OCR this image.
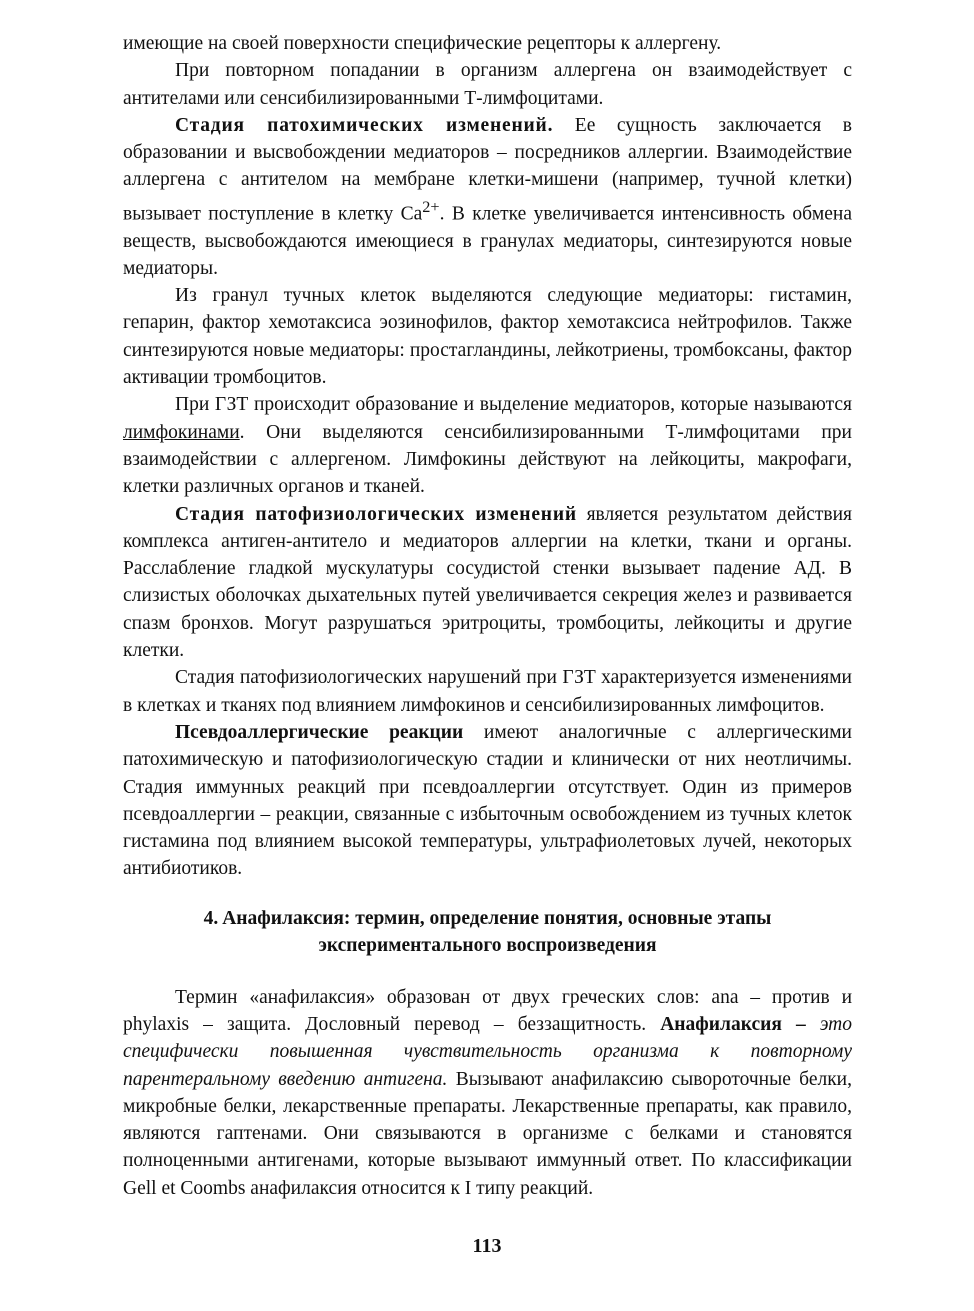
имеющие на своей поверхности специфические рецепторы к аллергену.

При повторном попадании в организм аллергена он взаимодействует с антителами или сенсибилизированными Т-лимфоцитами.

Стадия патохимических изменений. Ее сущность заключается в образовании и высвобождении медиаторов – посредников аллергии. Взаимодействие аллергена с антителом на мембране клетки-мишени (например, тучной клетки) вызывает поступление в клетку $Ca^{2+}$. В клетке увеличивается интенсивность обмена веществ, высвобождаются имеющиеся в гранулах медиаторы, синтезируются новые медиаторы.

Из гранул тучных клеток выделяются следующие медиаторы: гистамин, гепарин, фактор хемотаксиса эозинофилов, фактор хемотаксиса нейтрофилов. Также синтезируются новые медиаторы: простагландины, лейкотриены, тромбоксаны, фактор активации тромбоцитов.

При ГЗТ происходит образование и выделение медиаторов, которые называются лимфокинами. Они выделяются сенсибилизированными Т-лимфоцитами при взаимодействии с аллергеном. Лимфокины действуют на лейкоциты, макрофаги, клетки различных органов и тканей.

Стадия патофизиологических изменений является результатом действия комплекса антиген-антитело и медиаторов аллергии на клетки, ткани и органы. Расслабление гладкой мускулатуры сосудистой стенки вызывает падение АД. В слизистых оболочках дыхательных путей увеличивается секреция желез и развивается спазм бронхов. Могут разрушаться эритроциты, тромбоциты, лейкоциты и другие клетки.

Стадия патофизиологических нарушений при ГЗТ характеризуется изменениями в клетках и тканях под влиянием лимфокинов и сенсибилизированных лимфоцитов.

Псевдоаллергические реакции имеют аналогичные с аллергическими патохимическую и патофизиологическую стадии и клинически от них неотличимы. Стадия иммунных реакций при псевдоаллергии отсутствует. Один из примеров псевдоаллергии – реакции, связанные с избыточным освобождением из тучных клеток гистамина под влиянием высокой температуры, ультрафиолетовых лучей, некоторых антибиотиков.

4. Анафилаксия: термин, определение понятия, основные этапы
экспериментального воспроизведения

Термин «анафилаксия» образован от двух греческих слов: ana – против и phylaxis – защита. Дословный перевод – беззащитность. Анафилаксия – это специфически повышенная чувствительность организма к повторному парентеральному введению антигена. Вызывают анафилаксию сывороточные белки, микробные белки, лекарственные препараты. Лекарственные препараты, как правило, являются гаптенами. Они связываются в организме с белками и становятся полноценными антигенами, которые вызывают иммунный ответ. По классификации Gell et Coombs анафилаксия относится к I типу реакций.

113
